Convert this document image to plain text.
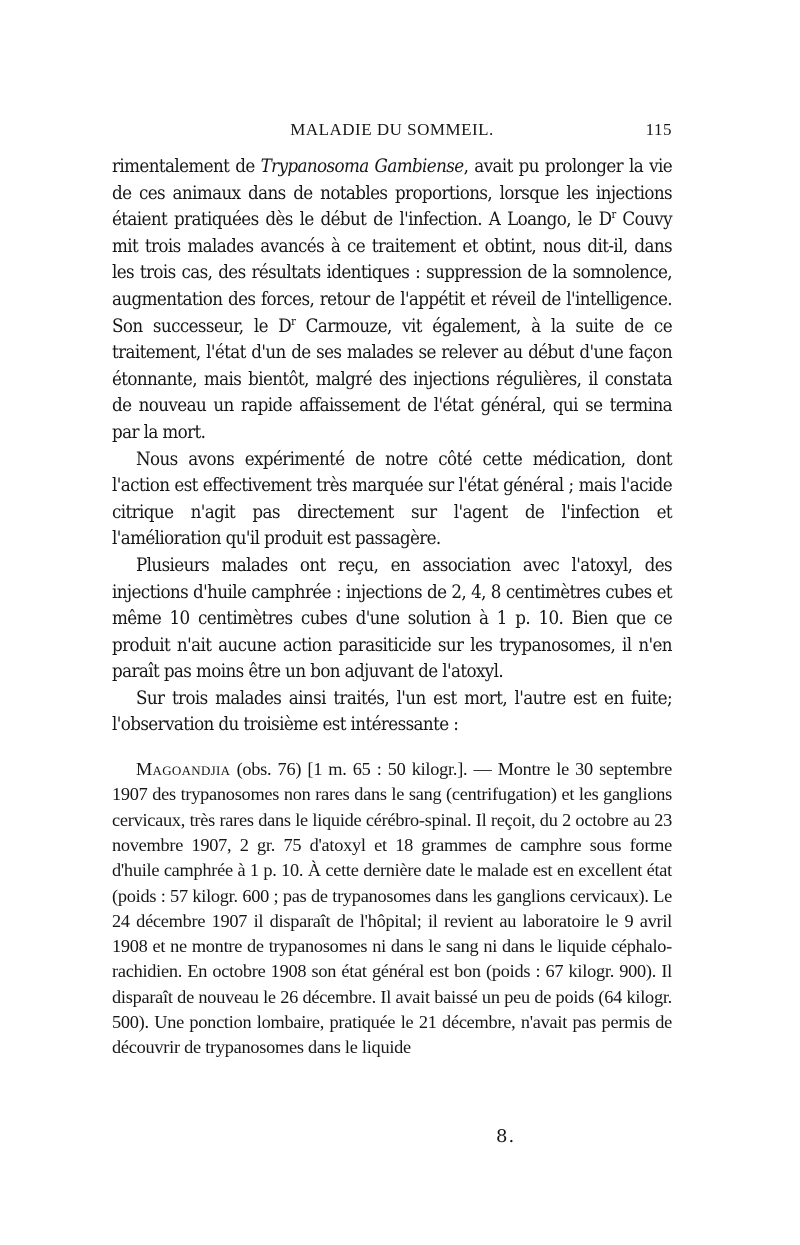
MALADIE DU SOMMEIL.	115

rimentalement de Trypanosoma Gambiense, avait pu prolonger la vie de ces animaux dans de notables proportions, lorsque les injections étaient pratiquées dès le début de l'infection. A Loango, le $D^r$ Couvy mit trois malades avancés à ce traitement et obtint, nous dit-il, dans les trois cas, des résultats identiques : suppression de la somnolence, augmentation des forces, retour de l'appétit et réveil de l'intelligence. Son successeur, le $D^r$ Carmouze, vit également, à la suite de ce traitement, l'état d'un de ses malades se relever au début d'une façon étonnante, mais bientôt, malgré des injections régulières, il constata de nouveau un rapide affaissement de l'état général, qui se termina par la mort.

Nous avons expérimenté de notre côté cette médication, dont l'action est effectivement très marquée sur l'état général ; mais l'acide citrique n'agit pas directement sur l'agent de l'infection et l'amélioration qu'il produit est passagère.

Plusieurs malades ont reçu, en association avec l'atoxyl, des injections d'huile camphrée : injections de 2, 4, 8 centimètres cubes et même 10 centimètres cubes d'une solution à 1 p. 10. Bien que ce produit n'ait aucune action parasiticide sur les trypanosomes, il n'en paraît pas moins être un bon adjuvant de l'atoxyl.

Sur trois malades ainsi traités, l'un est mort, l'autre est en fuite; l'observation du troisième est intéressante :

Magoandjia (obs. 76) [1 m. 65 : 50 kilogr.]. — Montre le 30 septembre 1907 des trypanosomes non rares dans le sang (centrifugation) et les ganglions cervicaux, très rares dans le liquide cérébro-spinal. Il reçoit, du 2 octobre au 23 novembre 1907, 2 gr. 75 d'atoxyl et 18 grammes de camphre sous forme d'huile camphrée à 1 p. 10. À cette dernière date le malade est en excellent état (poids : 57 kilogr. 600 ; pas de trypanosomes dans les ganglions cervicaux). Le 24 décembre 1907 il disparaît de l'hôpital; il revient au laboratoire le 9 avril 1908 et ne montre de trypanosomes ni dans le sang ni dans le liquide céphalo-rachidien. En octobre 1908 son état général est bon (poids : 67 kilogr. 900). Il disparaît de nouveau le 26 décembre. Il avait baissé un peu de poids (64 kilogr. 500). Une ponction lombaire, pratiquée le 21 décembre, n'avait pas permis de découvrir de trypanosomes dans le liquide
8.
